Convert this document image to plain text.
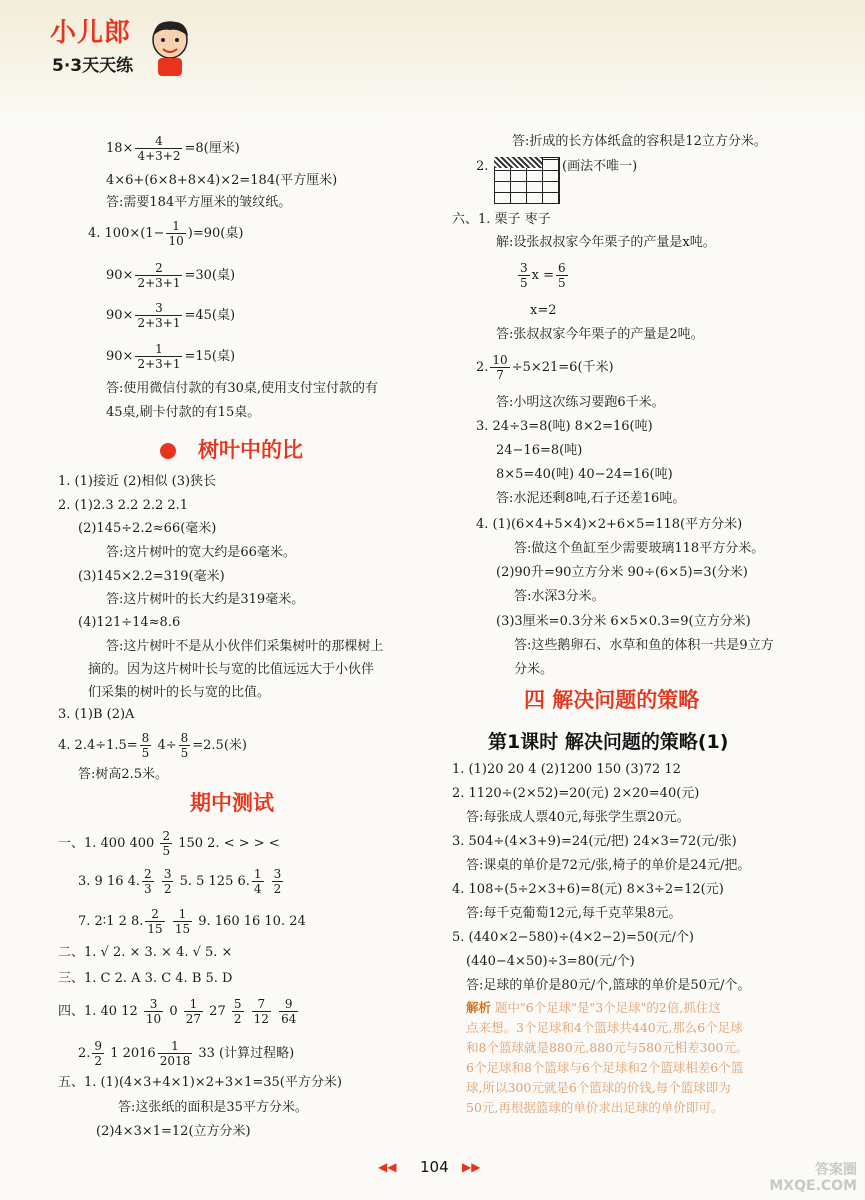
小儿郎
5·3天天练
$18\times \frac{4}{4+3+2} =8$(厘米)
4×6+(6×8+8×4)×2=184(平方厘米)
答:需要184平方厘米的皱纹纸。
4. $100\times(1- \frac{1}{10} )=90$(桌)
$90\times \frac{2}{2+3+1} =30$(桌)
$90\times \frac{3}{2+3+1} =45$(桌)
$90\times \frac{1}{2+3+1} =15$(桌)
答:使用微信付款的有30桌,使用支付宝付款的有
45桌,刷卡付款的有15桌。
树叶中的比
1. (1)接近 (2)相似 (3)狭长
2. (1)2.3 2.2 2.2 2.1
(2)145÷2.2≈66(毫米)
答:这片树叶的宽大约是66毫米。
(3)145×2.2=319(毫米)
答:这片树叶的长大约是319毫米。
(4)121÷14≈8.6
答:这片树叶不是从小伙伴们采集树叶的那棵树上
摘的。因为这片树叶长与宽的比值远远大于小伙伴
们采集的树叶的长与宽的比值。
3. (1)B (2)A
4. $2.4\div 1.5= \frac{8}{5} 4\div \frac{8}{5} =2.5$(米)
答:树高2.5米。
期中测试
一、1. 400 $400 \frac{2}{5} 150$ 2. < > > <
3. 9 16 4. $\frac{2}{3}$
$\frac{3}{2} 5$. 5 125 6. $\frac{1}{4}$
$\frac{3}{2}$
7. 2∶1 2 8. $\frac{2}{15}$
$\frac{1}{15} 9$. 160 16 10. 24
二、1. √ 2. × 3. × 4. √ 5. ×
三、1. C 2. A 3. C 4. B 5. D
四、1. 40 $12 \frac{3}{10} 0 \frac{1}{27} 27 \frac{5}{2}$
$\frac{7}{12}$
$\frac{9}{64}$
2. $\frac{9}{2} 1$ $2016 \frac{1}{2018} 33$ (计算过程略)
五、1. (1)(4×3+4×1)×2+3×1=35(平方分米)
答:这张纸的面积是35平方分米。
(2)4×3×1=12(立方分米)
答:折成的长方体纸盒的容积是12立方分米。
2.	(画法不唯一)
六、1. 栗子 枣子
解:设张叔叔家今年栗子的产量是x吨。
$\frac{3}{5}$ $x = \frac{6}{5}$
x=2
答:张叔叔家今年栗子的产量是2吨。
2. $\frac{10}{7} \div 5\times 21=6$(千米)
答:小明这次练习要跑6千米。
3. 24÷3=8(吨) 8×2=16(吨)
24−16=8(吨)
8×5=40(吨) 40−24=16(吨)
答:水泥还剩8吨,石子还差16吨。
4. (1)(6×4+5×4)×2+6×5=118(平方分米)
答:做这个鱼缸至少需要玻璃118平方分米。
(2)90升=90立方分米 90÷(6×5)=3(分米)
答:水深3分米。
(3)3厘米=0.3分米 6×5×0.3=9(立方分米)
答:这些鹅卵石、水草和鱼的体积一共是9立方
分米。
四 解决问题的策略
第1课时 解决问题的策略(1)
1. (1)20 20 4 (2)1200 150 (3)72 12
2. 1120÷(2×52)=20(元) 2×20=40(元)
答:每张成人票40元,每张学生票20元。
3. 504÷(4×3+9)=24(元/把) 24×3=72(元/张)
答:课桌的单价是72元/张,椅子的单价是24元/把。
4. 108÷(5÷2×3+6)=8(元) 8×3÷2=12(元)
答:每千克葡萄12元,每千克苹果8元。
5. (440×2−580)÷(4×2−2)=50(元/个)
(440−4×50)÷3=80(元/个)
答:足球的单价是80元/个,篮球的单价是50元/个。
解析 题中"6个足球"是"3个足球"的2倍,抓住这
点来想。3个足球和4个篮球共440元,那么6个足球
和8个篮球就是880元,880元与580元相差300元。
6个足球和8个篮球与6个足球和2个篮球相差6个篮
球,所以300元就是6个篮球的价钱,每个篮球即为
50元,再根据篮球的单价求出足球的单价即可。
◀◀ 104 ▶▶	答案圈
MXQE.COM
